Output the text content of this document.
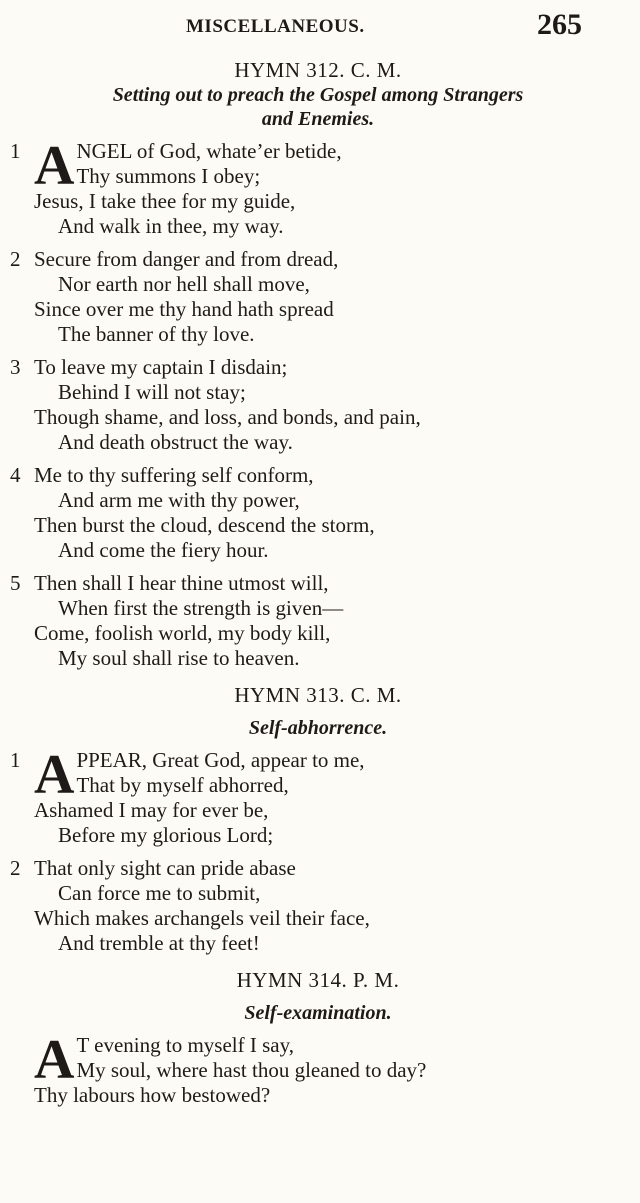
MISCELLANEOUS.	265

HYMN 312. C. M.

Setting out to preach the Gospel among Strangers

and Enemies.

1 A NGEL of God, whate’er betide,
Thy summons I obey;
Jesus, I take thee for my guide,
And walk in thee, my way.
2 Secure from danger and from dread,
Nor earth nor hell shall move,
Since over me thy hand hath spread
The banner of thy love.
3 To leave my captain I disdain;
Behind I will not stay;
Though shame, and loss, and bonds, and pain,
And death obstruct the way.
4 Me to thy suffering self conform,
And arm me with thy power,
Then burst the cloud, descend the storm,
And come the fiery hour.
5 Then shall I hear thine utmost will,
When first the strength is given—
Come, foolish world, my body kill,
My soul shall rise to heaven.

HYMN 313. C. M.

Self-abhorrence.

1 A PPEAR, Great God, appear to me,
That by myself abhorred,
Ashamed I may for ever be,
Before my glorious Lord;
2 That only sight can pride abase
Can force me to submit,
Which makes archangels veil their face,
And tremble at thy feet!

HYMN 314. P. M.

Self-examination.

A T evening to myself I say,
My soul, where hast thou gleaned to day?
Thy labours how bestowed?
